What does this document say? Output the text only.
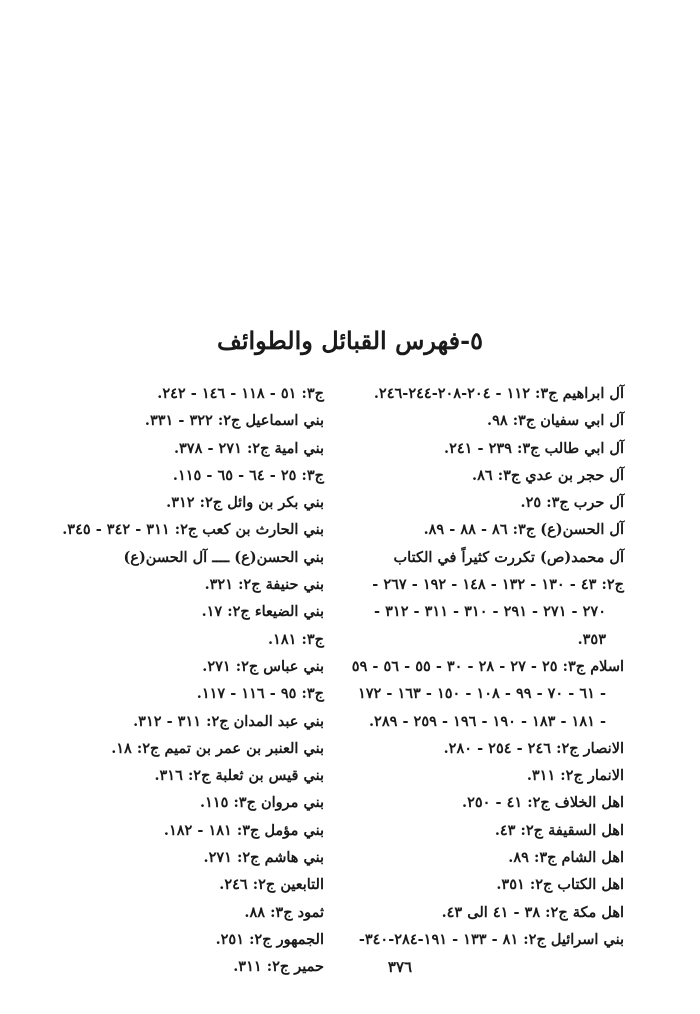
٥-فهرس القبائل والطوائف
آل ابراهيم ج٣: ١١٢ - ٢٠٤-٢٠٨-٢٤٤-٢٤٦.
آل ابي سفيان ج٣: ٩٨.
آل ابي طالب ج٣: ٢٣٩ - ٢٤١.
آل حجر بن عدي ج٣: ٨٦.
آل حرب ج٣: ٢٥.
آل الحسن(ع) ج٣: ٨٦ - ٨٨ - ٨٩.
آل محمد(ص) تكررت كثيراً في الكتاب
ج٢: ٤٣ - ١٣٠ - ١٣٢ - ١٤٨ - ١٩٢ - ٢٦٧ -
٢٧٠ - ٢٧١ - ٢٩١ - ٣١٠ - ٣١١ - ٣١٢ -
٣٥٣.
اسلام ج٣: ٢٥ - ٢٧ - ٢٨ - ٣٠ - ٥٥ - ٥٦ - ٥٩
- ٦١ - ٧٠ - ٩٩ - ١٠٨ - ١٥٠ - ١٦٣ - ١٧٢
- ١٨١ - ١٨٣ - ١٩٠ - ١٩٦ - ٢٥٩ - ٢٨٩.
الانصار ج٢: ٢٤٦ - ٢٥٤ - ٢٨٠.
الانمار ج٢: ٣١١.
اهل الخلاف ج٢: ٤١ - ٢٥٠.
اهل السقيفة ج٢: ٤٣.
اهل الشام ج٣: ٨٩.
اهل الكتاب ج٢: ٣٥١.
اهل مكة ج٢: ٣٨ - ٤١ الى ٤٣.
بني اسرائيل ج٢: ٨١ - ١٣٣ - ١٩١-٢٨٤-٣٤٠-
ج٣: ٥١ - ١١٨ - ١٤٦ - ٢٤٢.
بني اسماعيل ج٢: ٣٢٢ - ٣٣١.
بني امية ج٢: ٢٧١ - ٣٧٨.
ج٣: ٢٥ - ٦٤ - ٦٥ - ١١٥.
بني بكر بن وائل ج٢: ٣١٢.
بني الحارث بن كعب ج٢: ٣١١ - ٣٤٢ - ٣٤٥.
بني الحسن(ع) ــــ آل الحسن(ع)
بني حنيفة ج٢: ٣٢١.
بني الضيعاء ج٢: ١٧.
ج٣: ١٨١.
بني عباس ج٢: ٢٧١.
ج٣: ٩٥ - ١١٦ - ١١٧.
بني عبد المدان ج٢: ٣١١ - ٣١٢.
بني العنبر بن عمر بن تميم ج٢: ١٨.
بني قيس بن ثعلبة ج٢: ٣١٦.
بني مروان ج٣: ١١٥.
بني مؤمل ج٣: ١٨١ - ١٨٢.
بني هاشم ج٢: ٢٧١.
التابعين ج٢: ٢٤٦.
ثمود ج٣: ٨٨.
الجمهور ج٢: ٢٥١.
حمير ج٢: ٣١١.	٣٧٦
